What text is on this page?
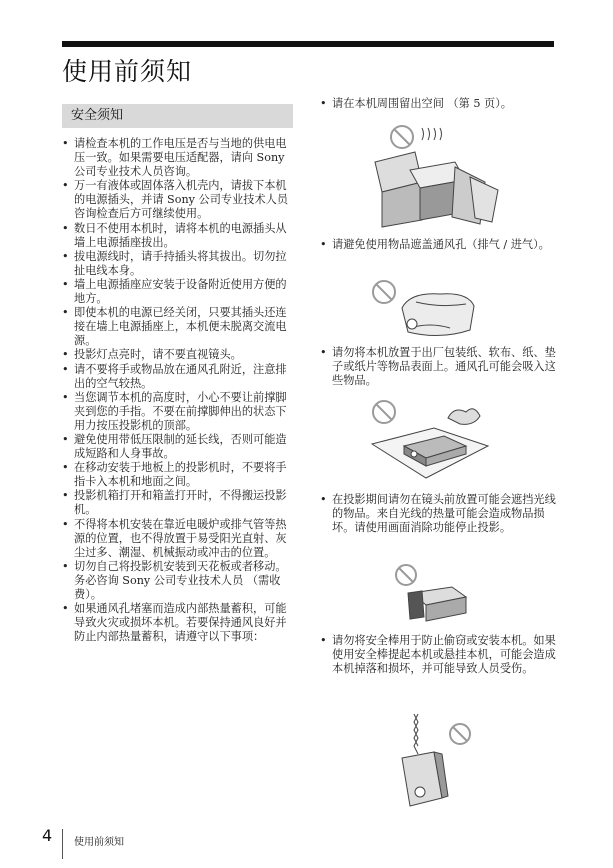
使用前须知
安全须知
• 请检查本机的工作电压是否与当地的供电电压一致。如果需要电压适配器，请向 Sony 公司专业技术人员咨询。
• 万一有液体或固体落入机壳内，请拔下本机的电源插头，并请 Sony 公司专业技术人员咨询检查后方可继续使用。
• 数日不使用本机时，请将本机的电源插头从墙上电源插座拔出。
• 拔电源线时，请手持插头将其拔出。切勿拉扯电线本身。
• 墙上电源插座应安装于设备附近使用方便的地方。
• 即使本机的电源已经关闭，只要其插头还连接在墙上电源插座上，本机便未脱离交流电源。
• 投影灯点亮时，请不要直视镜头。
• 请不要将手或物品放在通风孔附近，注意排出的空气较热。
• 当您调节本机的高度时，小心不要让前撑脚夹到您的手指。不要在前撑脚伸出的状态下用力按压投影机的顶部。
• 避免使用带低压限制的延长线，否则可能造成短路和人身事故。
• 在移动安装于地板上的投影机时，不要将手指卡入本机和地面之间。
• 投影机箱打开和箱盖打开时，不得搬运投影机。
• 不得将本机安装在靠近电暖炉或排气管等热源的位置，也不得放置于易受阳光直射、灰尘过多、潮湿、机械振动或冲击的位置。
• 切勿自己将投影机安装到天花板或者移动。务必咨询 Sony 公司专业技术人员 （需收费）。
• 如果通风孔堵塞而造成内部热量蓄积，可能导致火灾或损坏本机。若要保持通风良好并防止内部热量蓄积，请遵守以下事项：
• 请在本机周围留出空间 （第 5 页）。
• 请避免使用物品遮盖通风孔（排气 / 进气）。
• 请勿将本机放置于出厂包装纸、软布、纸、垫子或纸片等物品表面上。通风孔可能会吸入这些物品。
• 在投影期间请勿在镜头前放置可能会遮挡光线的物品。来自光线的热量可能会造成物品损坏。请使用画面消除功能停止投影。
• 请勿将安全棒用于防止偷窃或安装本机。如果使用安全棒提起本机或悬挂本机，可能会造成本机掉落和损坏，并可能导致人员受伤。
4 使用前须知
